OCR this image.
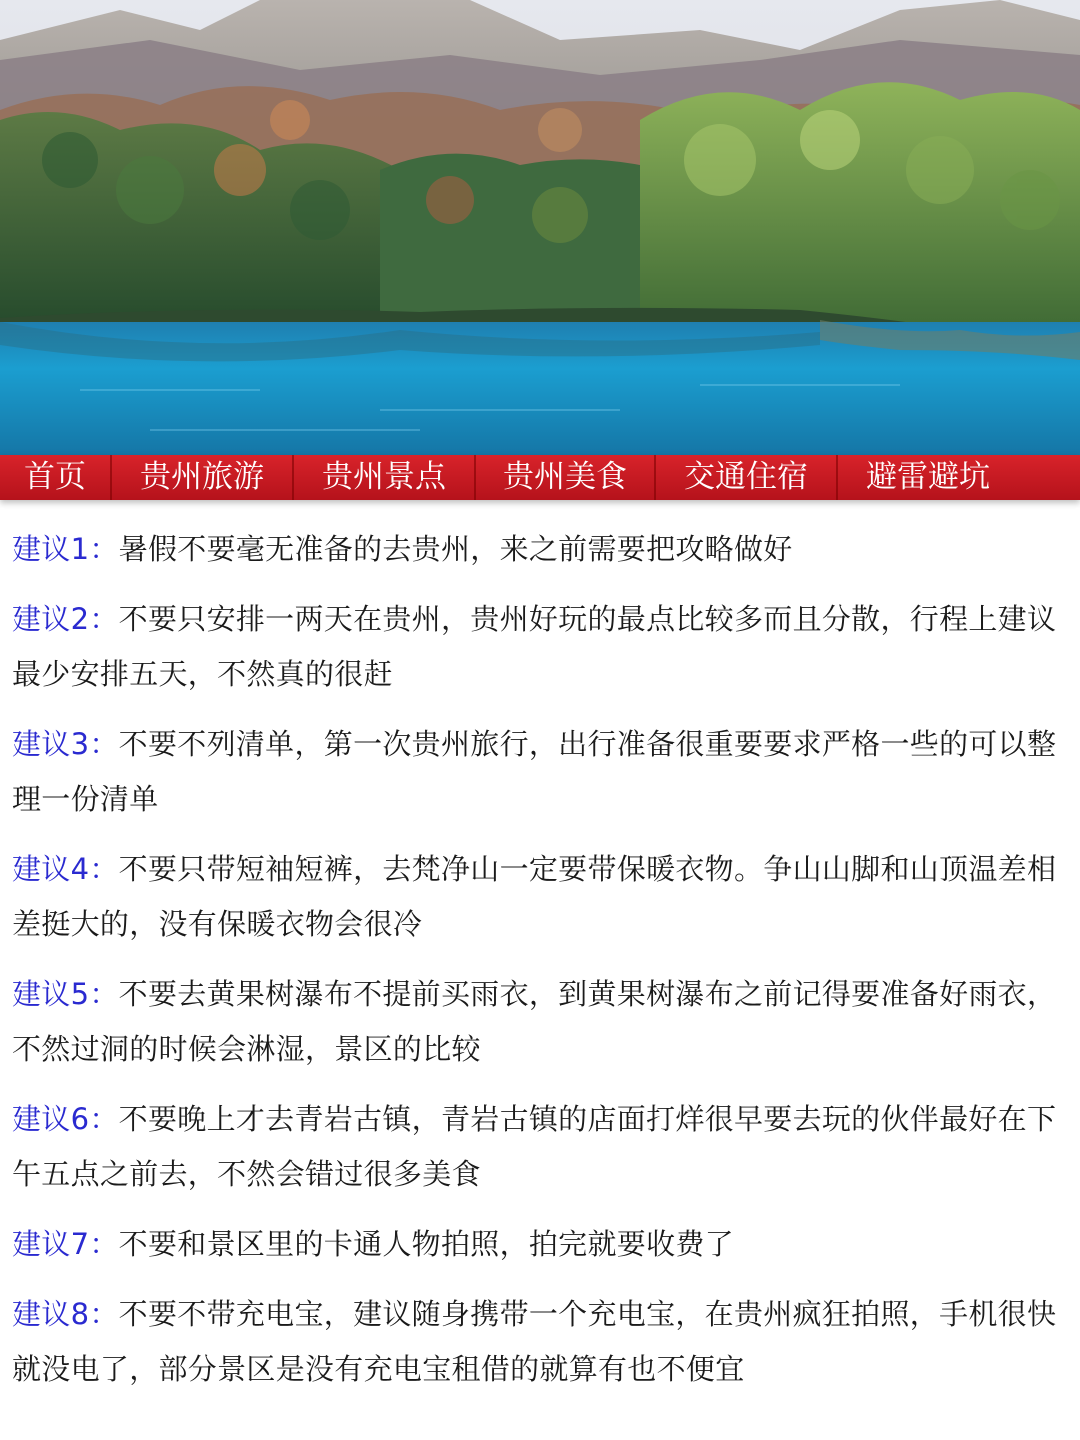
首页	贵州旅游	贵州景点	贵州美食	交通住宿	避雷避坑

建议1：暑假不要毫无准备的去贵州，来之前需要把攻略做好

建议2：不要只安排一两天在贵州，贵州好玩的最点比较多而且分散，行程上建议最少安排五天，不然真的很赶

建议3：不要不列清单，第一次贵州旅行，出行准备很重要要求严格一些的可以整理一份清单

建议4：不要只带短袖短裤，去梵净山一定要带保暖衣物。争山山脚和山顶温差相差挺大的，没有保暖衣物会很冷

建议5：不要去黄果树瀑布不提前买雨衣，到黄果树瀑布之前记得要准备好雨衣，不然过洞的时候会淋湿，景区的比较

建议6：不要晚上才去青岩古镇，青岩古镇的店面打烊很早要去玩的伙伴最好在下午五点之前去，不然会错过很多美食

建议7：不要和景区里的卡通人物拍照，拍完就要收费了

建议8：不要不带充电宝，建议随身携带一个充电宝，在贵州疯狂拍照，手机很快就没电了，部分景区是没有充电宝租借的就算有也不便宜
